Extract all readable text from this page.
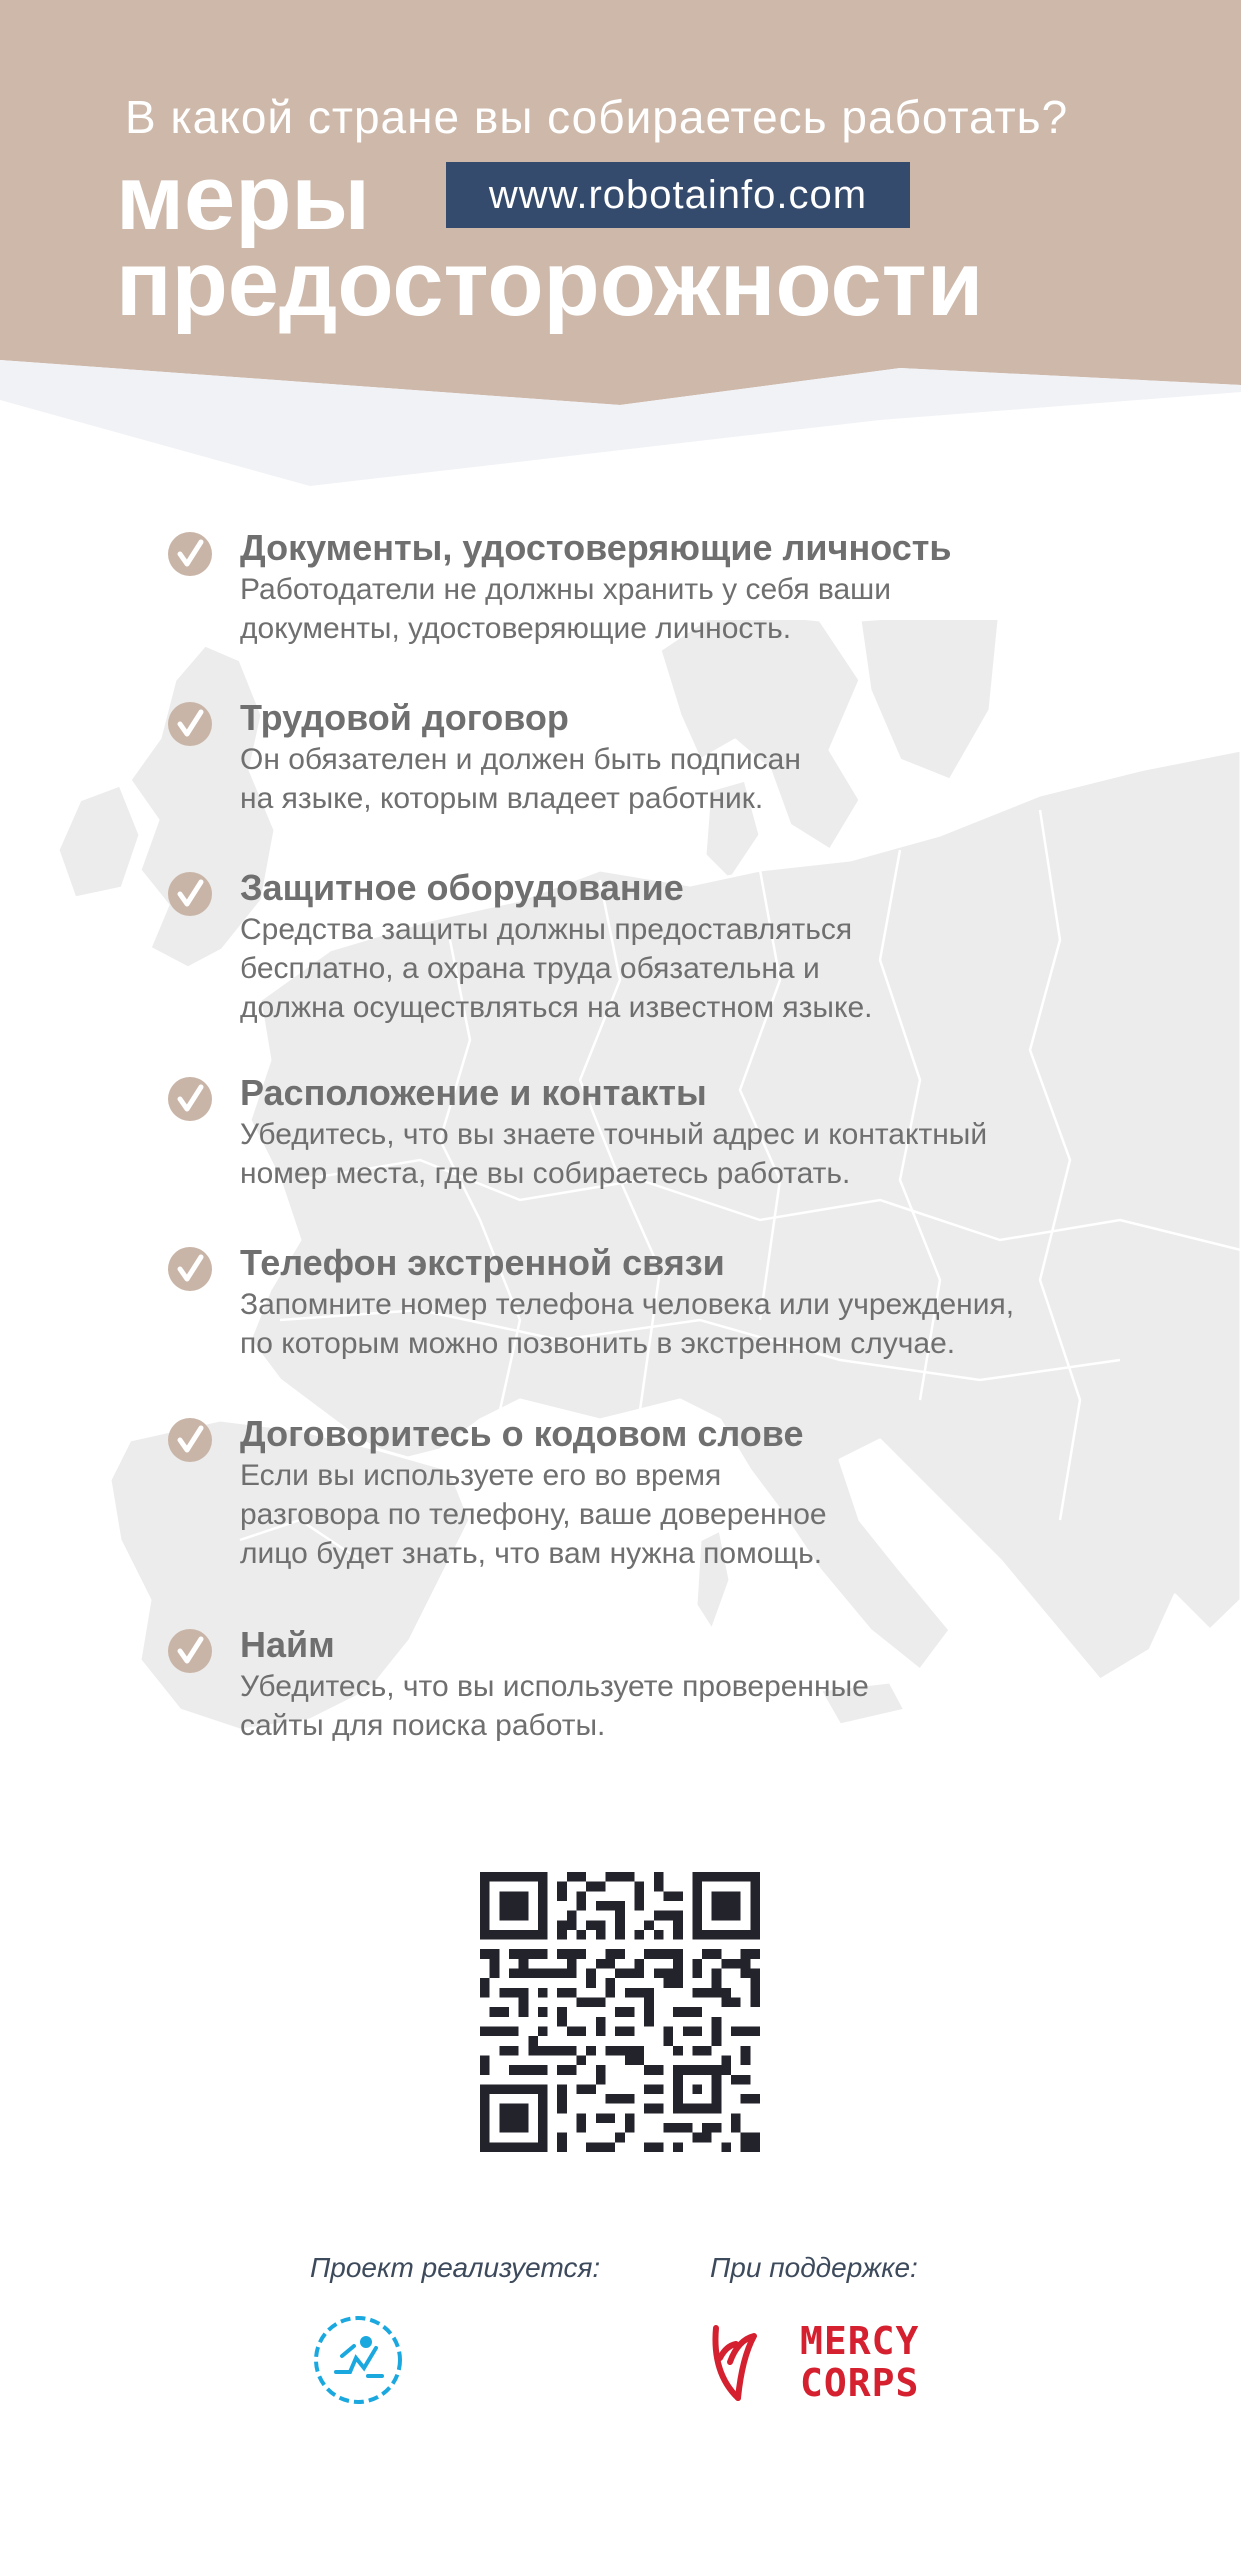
В какой стране вы собираетесь работать?
меры
предосторожности
www.robotainfo.com
Документы, удостоверяющие личность
Работодатели не должны хранить у себя ваши
документы, удостоверяющие личность.
Трудовой договор
Он обязателен и должен быть подписан
на языке, которым владеет работник.
Защитное оборудование
Средства защиты должны предоставляться
бесплатно, а охрана труда обязательна и
должна осуществляться на известном языке.
Расположение и контакты
Убедитесь, что вы знаете точный адрес и контактный
номер места, где вы собираетесь работать.
Телефон экстренной связи
Запомните номер телефона человека или учреждения,
по которым можно позвонить в экстренном случае.
Договоритесь о кодовом слове
Если вы используете его во время
разговора по телефону, ваше доверенное
лицо будет знать, что вам нужна помощь.
Найм
Убедитесь, что вы используете проверенные
сайты для поиска работы.
Проект реализуется:	При поддержке:
MERCY
CORPS
